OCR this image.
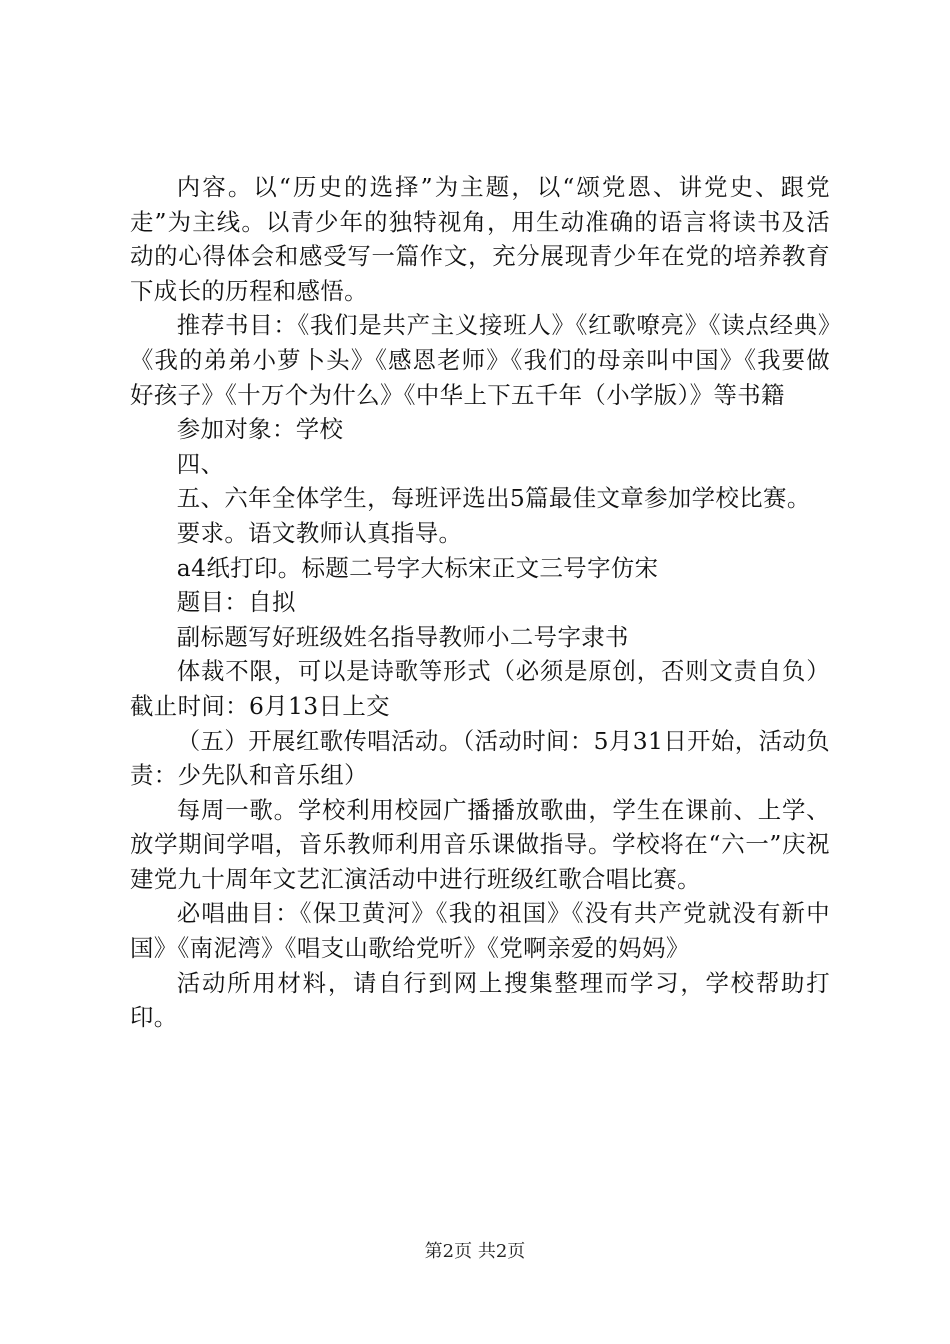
内容。以“历史的选择”为主题，以“颂党恩、讲党史、跟党走”为主线。以青少年的独特视角，用生动准确的语言将读书及活动的心得体会和感受写一篇作文，充分展现青少年在党的培养教育下成长的历程和感悟。

推荐书目：《我们是共产主义接班人》《红歌嘹亮》《读点经典》《我的弟弟小萝卜头》《感恩老师》《我们的母亲叫中国》《我要做好孩子》《十万个为什么》《中华上下五千年（小学版）》等书籍

参加对象：学校

四、

五、六年全体学生，每班评选出5篇最佳文章参加学校比赛。

要求。语文教师认真指导。

a4纸打印。标题二号字大标宋正文三号字仿宋

题目：自拟

副标题写好班级姓名指导教师小二号字隶书

体裁不限，可以是诗歌等形式（必须是原创，否则文责自负）截止时间：6月13日上交

（五）开展红歌传唱活动。（活动时间：5月31日开始，活动负责：少先队和音乐组）

每周一歌。学校利用校园广播播放歌曲，学生在课前、上学、放学期间学唱，音乐教师利用音乐课做指导。学校将在“六一”庆祝建党九十周年文艺汇演活动中进行班级红歌合唱比赛。

必唱曲目：《保卫黄河》《我的祖国》《没有共产党就没有新中国》《南泥湾》《唱支山歌给党听》《党啊亲爱的妈妈》

活动所用材料，请自行到网上搜集整理而学习，学校帮助打印。

第2页 共2页
